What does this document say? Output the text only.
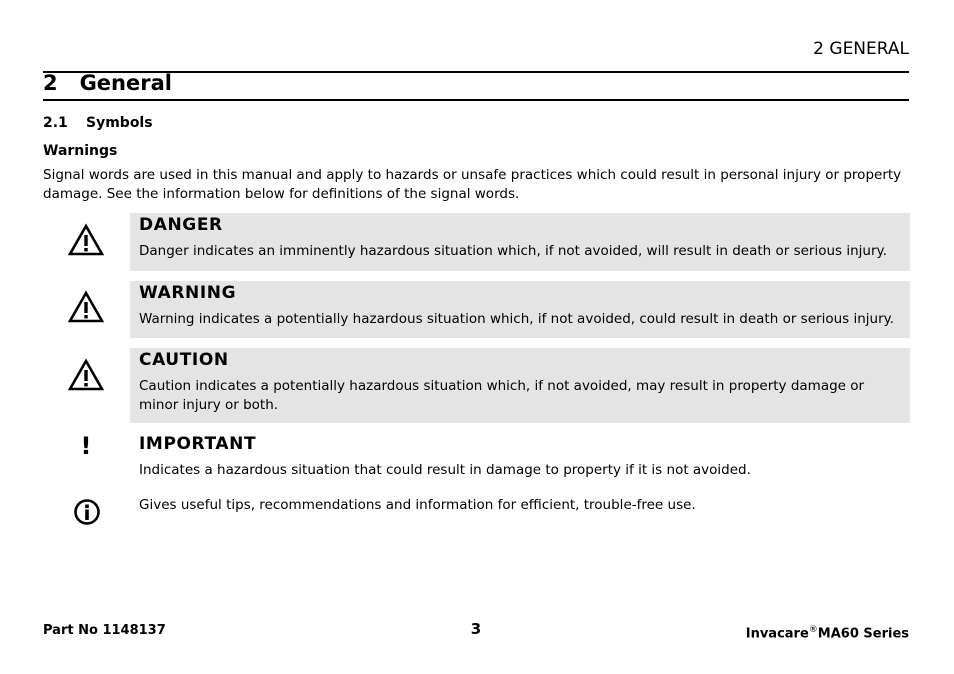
2 GENERAL
2 General
2.1 Symbols
Warnings

Signal words are used in this manual and apply to hazards or unsafe practices which could result in personal injury or property damage. See the information below for definitions of the signal words.

DANGER
Danger indicates an imminently hazardous situation which, if not avoided, will result in death or serious injury.
WARNING
Warning indicates a potentially hazardous situation which, if not avoided, could result in death or serious injury.
CAUTION
Caution indicates a potentially hazardous situation which, if not avoided, may result in property damage or minor injury or both.
!	IMPORTANT
Indicates a hazardous situation that could result in damage to property if it is not avoided.
Gives useful tips, recommendations and information for efficient, trouble-free use.
Part No 1148137	3	Invacare®MA60 Series
